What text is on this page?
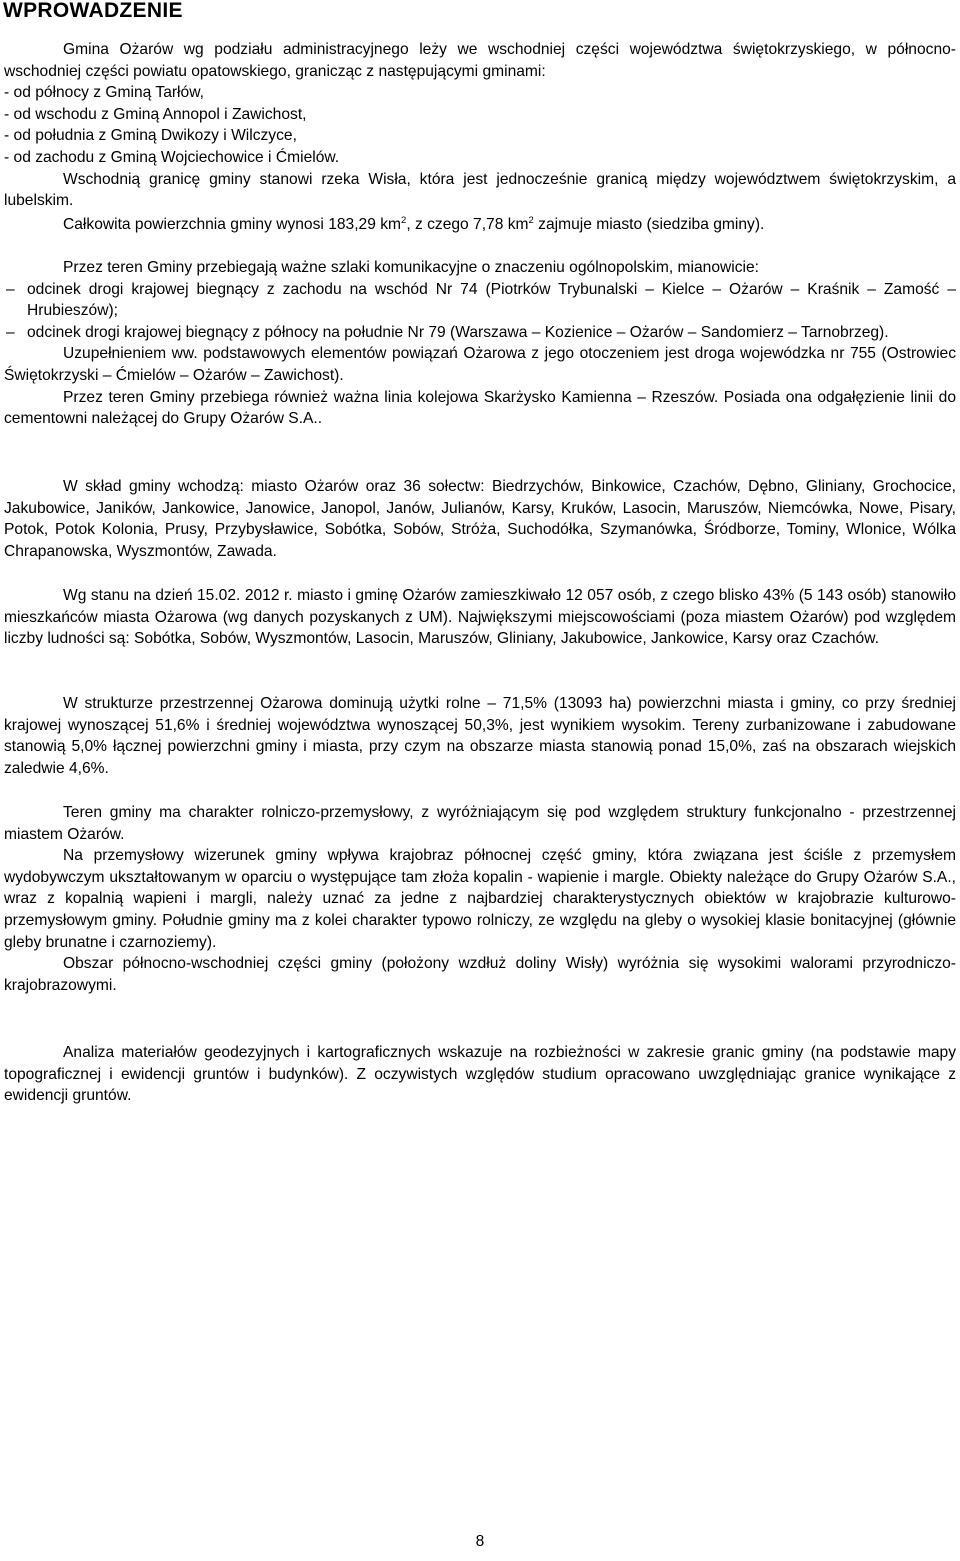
WPROWADZENIE

Gmina Ożarów wg podziału administracyjnego leży we wschodniej części województwa świętokrzyskiego, w północno-wschodniej części powiatu opatowskiego, granicząc z następującymi gminami:

- od północy z Gminą Tarłów,

- od wschodu z Gminą Annopol i Zawichost,

- od południa z Gminą Dwikozy i Wilczyce,

- od zachodu z Gminą Wojciechowice i Ćmielów.

Wschodnią granicę gminy stanowi rzeka Wisła, która jest jednocześnie granicą między województwem świętokrzyskim, a lubelskim.

Całkowita powierzchnia gminy wynosi 183,29 $km^2$, z czego 7,78 $km^2$ zajmuje miasto (siedziba gminy).

Przez teren Gminy przebiegają ważne szlaki komunikacyjne o znaczeniu ogólnopolskim, mianowicie:

– odcinek drogi krajowej biegnący z zachodu na wschód Nr 74 (Piotrków Trybunalski – Kielce – Ożarów – Kraśnik – Zamość – Hrubieszów);

– odcinek drogi krajowej biegnący z północy na południe Nr 79 (Warszawa – Kozienice – Ożarów – Sandomierz – Tarnobrzeg).

Uzupełnieniem ww. podstawowych elementów powiązań Ożarowa z jego otoczeniem jest droga wojewódzka nr 755 (Ostrowiec Świętokrzyski – Ćmielów – Ożarów – Zawichost).

Przez teren Gminy przebiega również ważna linia kolejowa Skarżysko Kamienna – Rzeszów. Posiada ona odgałęzienie linii do cementowni należącej do Grupy Ożarów S.A..

W skład gminy wchodzą: miasto Ożarów oraz 36 sołectw: Biedrzychów, Binkowice, Czachów, Dębno, Gliniany, Grochocice, Jakubowice, Janików, Jankowice, Janowice, Janopol, Janów, Julianów, Karsy, Kruków, Lasocin, Maruszów, Niemcówka, Nowe, Pisary, Potok, Potok Kolonia, Prusy, Przybysławice, Sobótka, Sobów, Stróża, Suchodółka, Szymanówka, Śródborze, Tominy, Wlonice, Wólka Chrapanowska, Wyszmontów, Zawada.

Wg stanu na dzień 15.02. 2012 r. miasto i gminę Ożarów zamieszkiwało 12 057 osób, z czego blisko 43% (5 143 osób) stanowiło mieszkańców miasta Ożarowa (wg danych pozyskanych z UM). Największymi miejscowościami (poza miastem Ożarów) pod względem liczby ludności są: Sobótka, Sobów, Wyszmontów, Lasocin, Maruszów, Gliniany, Jakubowice, Jankowice, Karsy oraz Czachów.

W strukturze przestrzennej Ożarowa dominują użytki rolne – 71,5% (13093 ha) powierzchni miasta i gminy, co przy średniej krajowej wynoszącej 51,6% i średniej województwa wynoszącej 50,3%, jest wynikiem wysokim. Tereny zurbanizowane i zabudowane stanowią 5,0% łącznej powierzchni gminy i miasta, przy czym na obszarze miasta stanowią ponad 15,0%, zaś na obszarach wiejskich zaledwie 4,6%.

Teren gminy ma charakter rolniczo-przemysłowy, z wyróżniającym się pod względem struktury funkcjonalno - przestrzennej miastem Ożarów.

Na przemysłowy wizerunek gminy wpływa krajobraz północnej część gminy, która związana jest ściśle z przemysłem wydobywczym ukształtowanym w oparciu o występujące tam złoża kopalin - wapienie i margle. Obiekty należące do Grupy Ożarów S.A., wraz z kopalnią wapieni i margli, należy uznać za jedne z najbardziej charakterystycznych obiektów w krajobrazie kulturowo-przemysłowym gminy. Południe gminy ma z kolei charakter typowo rolniczy, ze względu na gleby o wysokiej klasie bonitacyjnej (głównie gleby brunatne i czarnoziemy).

Obszar północno-wschodniej części gminy (położony wzdłuż doliny Wisły) wyróżnia się wysokimi walorami przyrodniczo-krajobrazowymi.

Analiza materiałów geodezyjnych i kartograficznych wskazuje na rozbieżności w zakresie granic gminy (na podstawie mapy topograficznej i ewidencji gruntów i budynków). Z oczywistych względów studium opracowano uwzględniając granice wynikające z ewidencji gruntów.

8
